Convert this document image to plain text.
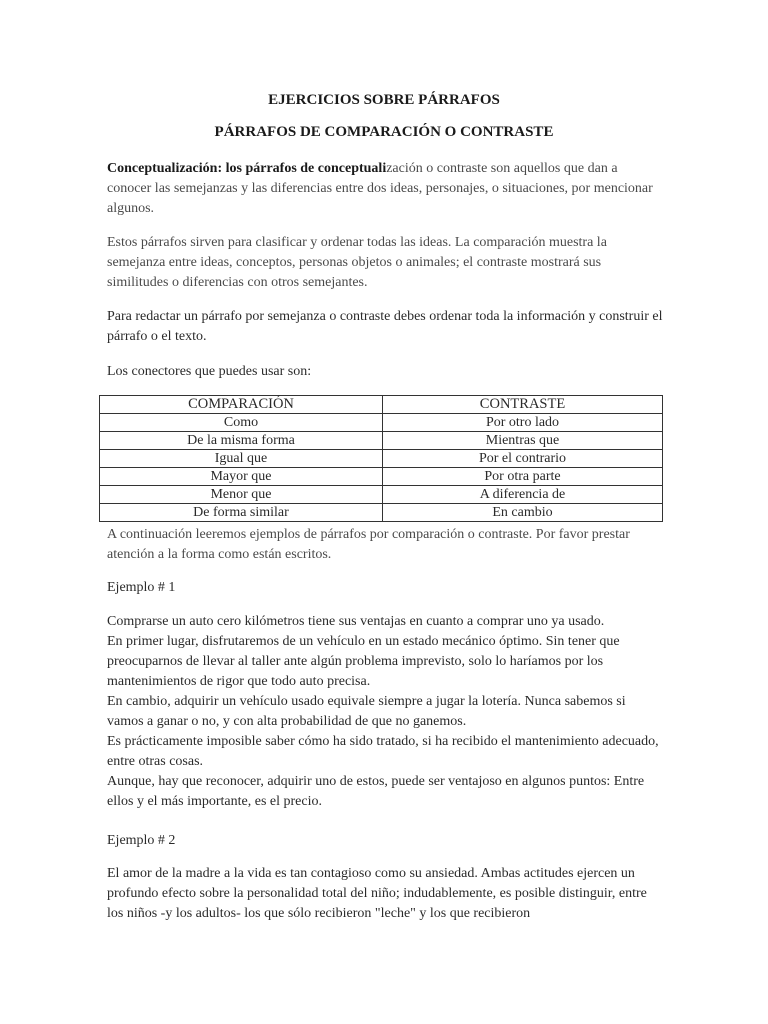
EJERCICIOS SOBRE PÁRRAFOS
PÁRRAFOS DE COMPARACIÓN O CONTRASTE

Conceptualización: los párrafos de conceptualización o contraste son aquellos que dan a conocer las semejanzas y las diferencias entre dos ideas, personajes, o situaciones, por mencionar algunos.

Estos párrafos sirven para clasificar y ordenar todas las ideas. La comparación muestra la semejanza entre ideas, conceptos, personas objetos o animales; el contraste mostrará sus similitudes o diferencias con otros semejantes.

Para redactar un párrafo por semejanza o contraste debes ordenar toda la información y construir el párrafo o el texto.

Los conectores que puedes usar son:

COMPARACIÓN	CONTRASTE
Como	Por otro lado
De la misma forma	Mientras que
Igual que	Por el contrario
Mayor que	Por otra parte
Menor que	A diferencia de
De forma similar	En cambio

A continuación leeremos ejemplos de párrafos por comparación o contraste. Por favor prestar atención a la forma como están escritos.

Ejemplo # 1

Comprarse un auto cero kilómetros tiene sus ventajas en cuanto a comprar uno ya usado.

En primer lugar, disfrutaremos de un vehículo en un estado mecánico óptimo. Sin tener que preocuparnos de llevar al taller ante algún problema imprevisto, solo lo haríamos por los mantenimientos de rigor que todo auto precisa.

En cambio, adquirir un vehículo usado equivale siempre a jugar la lotería. Nunca sabemos si vamos a ganar o no, y con alta probabilidad de que no ganemos.

Es prácticamente imposible saber cómo ha sido tratado, si ha recibido el mantenimiento adecuado, entre otras cosas.

Aunque, hay que reconocer, adquirir uno de estos, puede ser ventajoso en algunos puntos: Entre ellos y el más importante, es el precio.

Ejemplo # 2

El amor de la madre a la vida es tan contagioso como su ansiedad. Ambas actitudes ejercen un profundo efecto sobre la personalidad total del niño; indudablemente, es posible distinguir, entre los niños -y los adultos- los que sólo recibieron "leche" y los que recibieron
